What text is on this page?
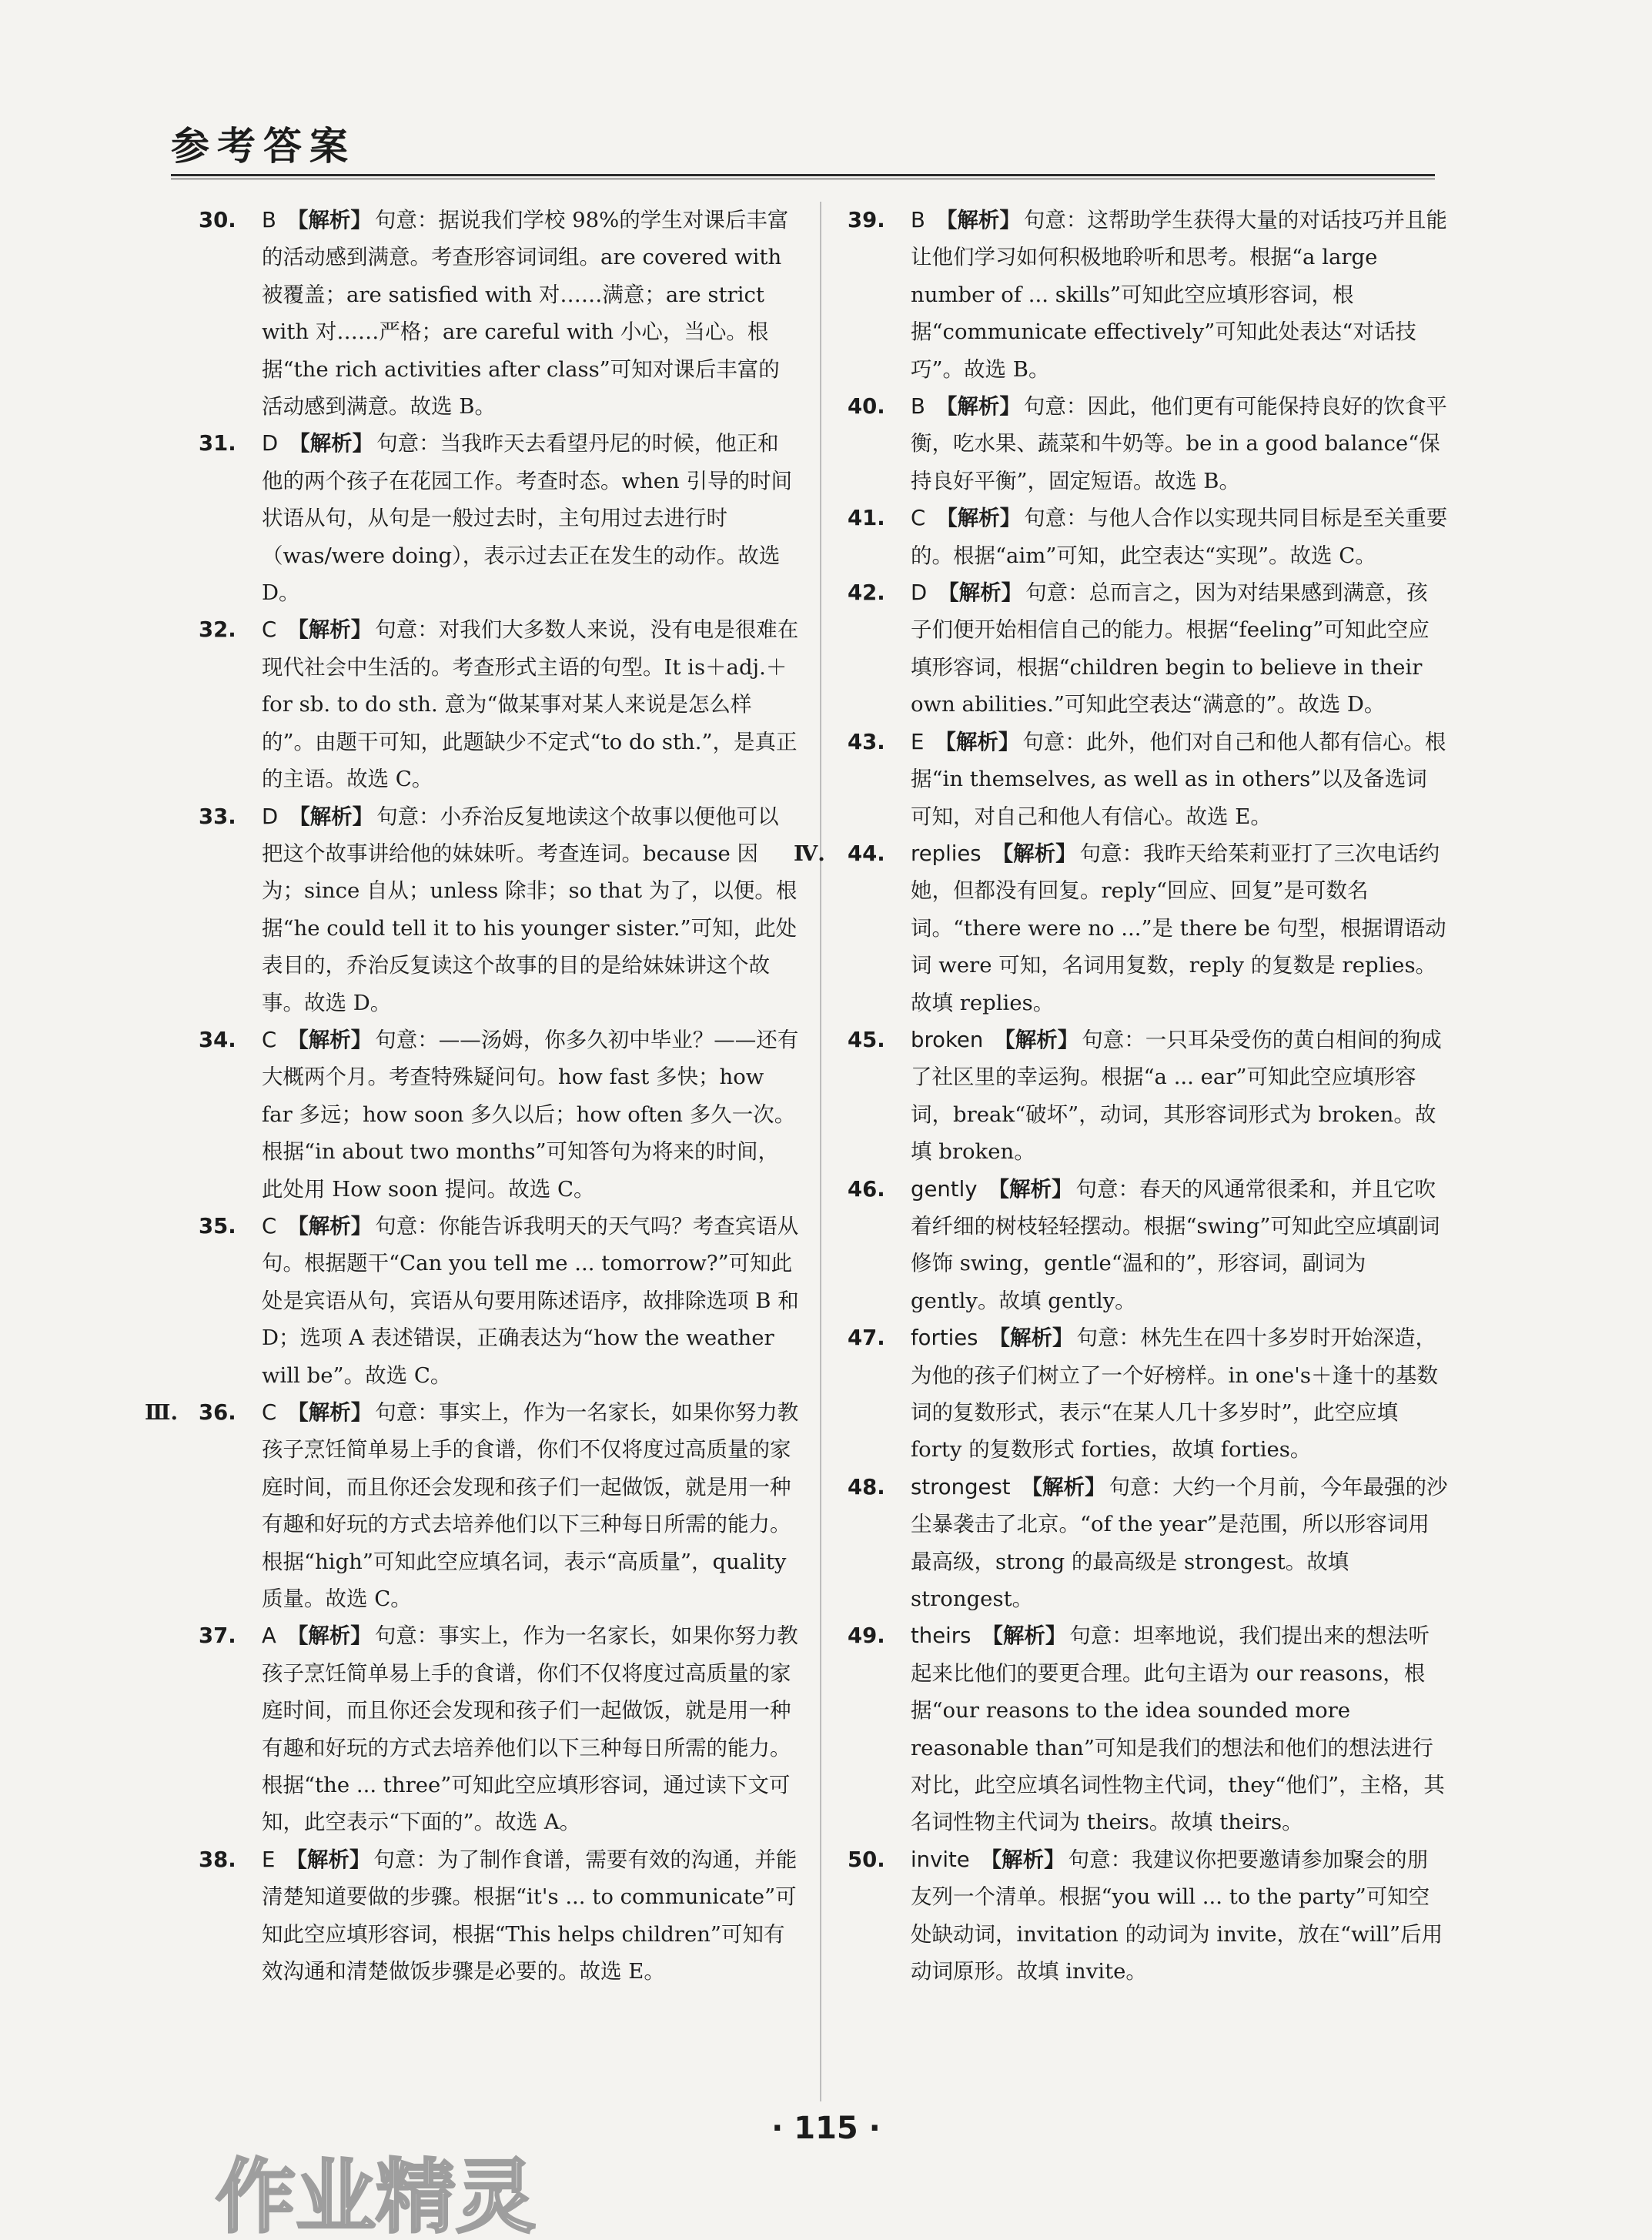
参考答案

30. B 【解析】 句意：据说我们学校 98%的学生对课后丰富的活动感到满意。考查形容词词组。are covered with 被覆盖；are satisfied with 对……满意；are strict with 对……严格；are careful with 小心，当心。根据“the rich activities after class”可知对课后丰富的活动感到满意。故选 B。

31. D 【解析】 句意：当我昨天去看望丹尼的时候，他正和他的两个孩子在花园工作。考查时态。when 引导的时间状语从句，从句是一般过去时，主句用过去进行时（was/were doing），表示过去正在发生的动作。故选 D。

32. C 【解析】 句意：对我们大多数人来说，没有电是很难在现代社会中生活的。考查形式主语的句型。It is＋adj.＋for sb. to do sth. 意为“做某事对某人来说是怎么样的”。由题干可知，此题缺少不定式“to do sth.”，是真正的主语。故选 C。

33. D 【解析】 句意：小乔治反复地读这个故事以便他可以把这个故事讲给他的妹妹听。考查连词。because 因为；since 自从；unless 除非；so that 为了，以便。根据“he could tell it to his younger sister.”可知，此处表目的，乔治反复读这个故事的目的是给妹妹讲这个故事。故选 D。

34. C 【解析】 句意：——汤姆，你多久初中毕业？——还有大概两个月。考查特殊疑问句。how fast 多快；how far 多远；how soon 多久以后；how often 多久一次。根据“in about two months”可知答句为将来的时间，此处用 How soon 提问。故选 C。

35. C 【解析】 句意：你能告诉我明天的天气吗？考查宾语从句。根据题干“Can you tell me ... tomorrow?”可知此处是宾语从句，宾语从句要用陈述语序，故排除选项 B 和 D；选项 A 表述错误，正确表达为“how the weather will be”。故选 C。

Ⅲ. 36. C 【解析】 句意：事实上，作为一名家长，如果你努力教孩子烹饪简单易上手的食谱，你们不仅将度过高质量的家庭时间，而且你还会发现和孩子们一起做饭，就是用一种有趣和好玩的方式去培养他们以下三种每日所需的能力。根据“high”可知此空应填名词，表示“高质量”，quality 质量。故选 C。

37. A 【解析】 句意：事实上，作为一名家长，如果你努力教孩子烹饪简单易上手的食谱，你们不仅将度过高质量的家庭时间，而且你还会发现和孩子们一起做饭，就是用一种有趣和好玩的方式去培养他们以下三种每日所需的能力。根据“the ... three”可知此空应填形容词，通过读下文可知，此空表示“下面的”。故选 A。

38. E 【解析】 句意：为了制作食谱，需要有效的沟通，并能清楚知道要做的步骤。根据“it's ... to communicate”可知此空应填形容词，根据“This helps children”可知有效沟通和清楚做饭步骤是必要的。故选 E。

39. B 【解析】 句意：这帮助学生获得大量的对话技巧并且能让他们学习如何积极地聆听和思考。根据“a large number of ... skills”可知此空应填形容词，根据“communicate effectively”可知此处表达“对话技巧”。故选 B。

40. B 【解析】 句意：因此，他们更有可能保持良好的饮食平衡，吃水果、蔬菜和牛奶等。be in a good balance“保持良好平衡”，固定短语。故选 B。

41. C 【解析】 句意：与他人合作以实现共同目标是至关重要的。根据“aim”可知，此空表达“实现”。故选 C。

42. D 【解析】 句意：总而言之，因为对结果感到满意，孩子们便开始相信自己的能力。根据“feeling”可知此空应填形容词，根据“children begin to believe in their own abilities.”可知此空表达“满意的”。故选 D。

43. E 【解析】 句意：此外，他们对自己和他人都有信心。根据“in themselves, as well as in others”以及备选词可知，对自己和他人有信心。故选 E。

Ⅳ. 44. replies 【解析】 句意：我昨天给茱莉亚打了三次电话约她，但都没有回复。reply“回应、回复”是可数名词。“there were no ...”是 there be 句型，根据谓语动词 were 可知，名词用复数，reply 的复数是 replies。故填 replies。

45. broken 【解析】 句意：一只耳朵受伤的黄白相间的狗成了社区里的幸运狗。根据“a ... ear”可知此空应填形容词，break“破坏”，动词，其形容词形式为 broken。故填 broken。

46. gently 【解析】 句意：春天的风通常很柔和，并且它吹着纤细的树枝轻轻摆动。根据“swing”可知此空应填副词修饰 swing，gentle“温和的”，形容词，副词为 gently。故填 gently。

47. forties 【解析】 句意：林先生在四十多岁时开始深造，为他的孩子们树立了一个好榜样。in one's＋逢十的基数词的复数形式，表示“在某人几十多岁时”，此空应填 forty 的复数形式 forties，故填 forties。

48. strongest 【解析】 句意：大约一个月前，今年最强的沙尘暴袭击了北京。“of the year”是范围，所以形容词用最高级，strong 的最高级是 strongest。故填 strongest。

49. theirs 【解析】 句意：坦率地说，我们提出来的想法听起来比他们的要更合理。此句主语为 our reasons，根据“our reasons to the idea sounded more reasonable than”可知是我们的想法和他们的想法进行对比，此空应填名词性物主代词，they“他们”，主格，其名词性物主代词为 theirs。故填 theirs。

50. invite 【解析】 句意：我建议你把要邀请参加聚会的朋友列一个清单。根据“you will ... to the party”可知空处缺动词，invitation 的动词为 invite，放在“will”后用动词原形。故填 invite。

· 115 ·
作业精灵
